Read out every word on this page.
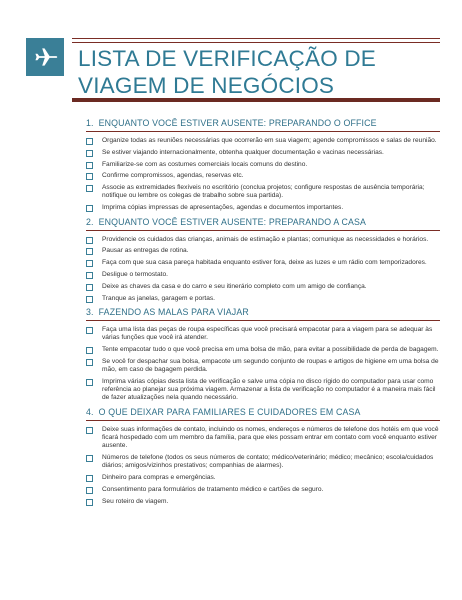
LISTA DE VERIFICAÇÃO DE
VIAGEM DE NEGÓCIOS
1. ENQUANTO VOCÊ ESTIVER AUSENTE: PREPARANDO O OFFICE
Organize todas as reuniões necessárias que ocorrerão em sua viagem; agende compromissos e salas de reunião.
Se estiver viajando internacionalmente, obtenha qualquer documentação e vacinas necessárias.
Familiarize-se com as costumes comerciais locais comuns do destino.
Confirme compromissos, agendas, reservas etc.
Associe as extremidades flexíveis no escritório (conclua projetos; configure respostas de ausência temporária; notifique ou lembre os colegas de trabalho sobre sua partida).
Imprima cópias impressas de apresentações, agendas e documentos importantes.
2. ENQUANTO VOCÊ ESTIVER AUSENTE: PREPARANDO A CASA
Providencie os cuidados das crianças, animais de estimação e plantas; comunique as necessidades e horários.
Pausar as entregas de rotina.
Faça com que sua casa pareça habitada enquanto estiver fora, deixe as luzes e um rádio com temporizadores.
Desligue o termostato.
Deixe as chaves da casa e do carro e seu itinerário completo com um amigo de confiança.
Tranque as janelas, garagem e portas.
3. FAZENDO AS MALAS PARA VIAJAR
Faça uma lista das peças de roupa específicas que você precisará empacotar para a viagem para se adequar às várias funções que você irá atender.
Tente empacotar tudo o que você precisa em uma bolsa de mão, para evitar a possibilidade de perda de bagagem.
Se você for despachar sua bolsa, empacote um segundo conjunto de roupas e artigos de higiene em uma bolsa de mão, em caso de bagagem perdida.
Imprima várias cópias desta lista de verificação e salve uma cópia no disco rígido do computador para usar como referência ao planejar sua próxima viagem. Armazenar a lista de verificação no computador é a maneira mais fácil de fazer atualizações nela quando necessário.
4. O QUE DEIXAR PARA FAMILIARES E CUIDADORES EM CASA
Deixe suas informações de contato, incluindo os nomes, endereços e números de telefone dos hotéis em que você ficará hospedado com um membro da família, para que eles possam entrar em contato com você enquanto estiver ausente.
Números de telefone (todos os seus números de contato; médico/veterinário; médico; mecânico; escola/cuidados diários; amigos/vizinhos prestativos; companhias de alarmes).
Dinheiro para compras e emergências.
Consentimento para formulários de tratamento médico e cartões de seguro.
Seu roteiro de viagem.
